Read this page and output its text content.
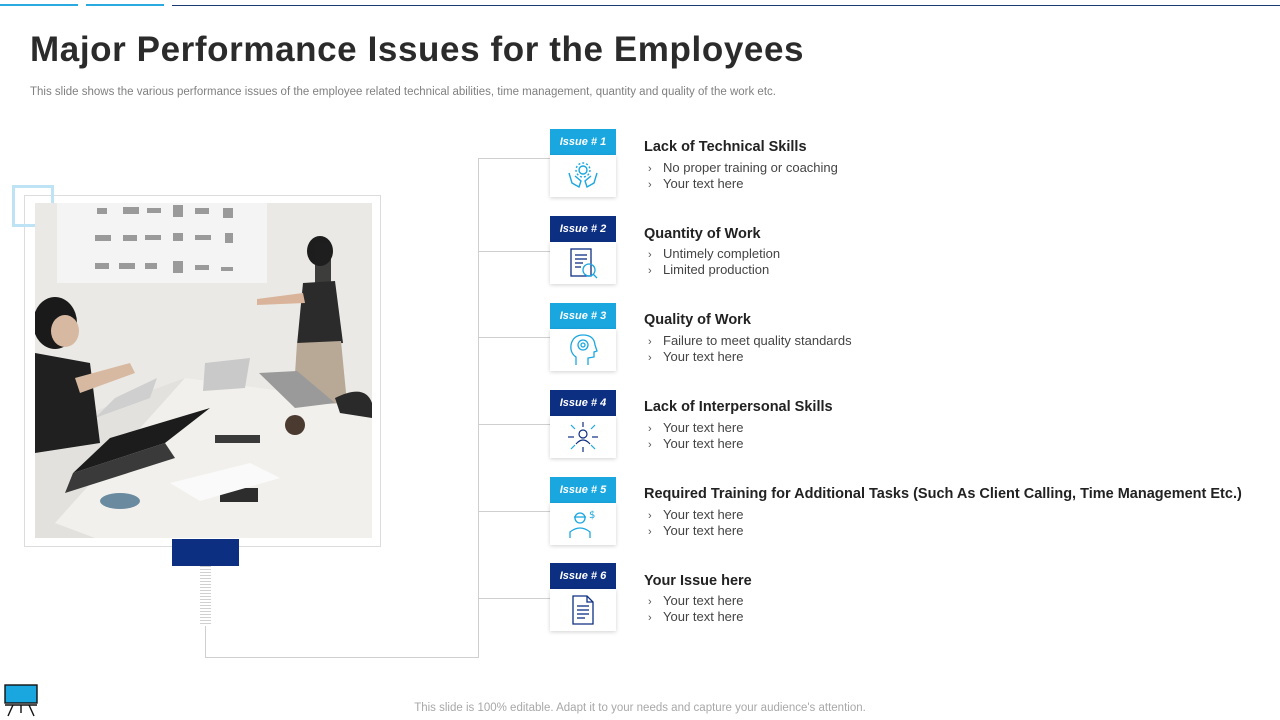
Major Performance Issues for the Employees
This slide shows the various performance issues of the employee related technical abilities, time management, quantity and quality of the work etc.
Issue # 1	Lack of Technical Skills
› No proper training or coaching
› Your text here
Issue # 2	Quantity of Work
› Untimely completion
› Limited production
Issue # 3	Quality of Work
› Failure to meet quality standards
› Your text here
Issue # 4	Lack of Interpersonal Skills
› Your text here
› Your text here
Issue # 5
$
Required Training for Additional Tasks (Such As Client Calling, Time Management Etc.)
› Your text here
› Your text here
Issue # 6	Your Issue here
› Your text here
› Your text here
This slide is 100% editable. Adapt it to your needs and capture your audience's attention.
